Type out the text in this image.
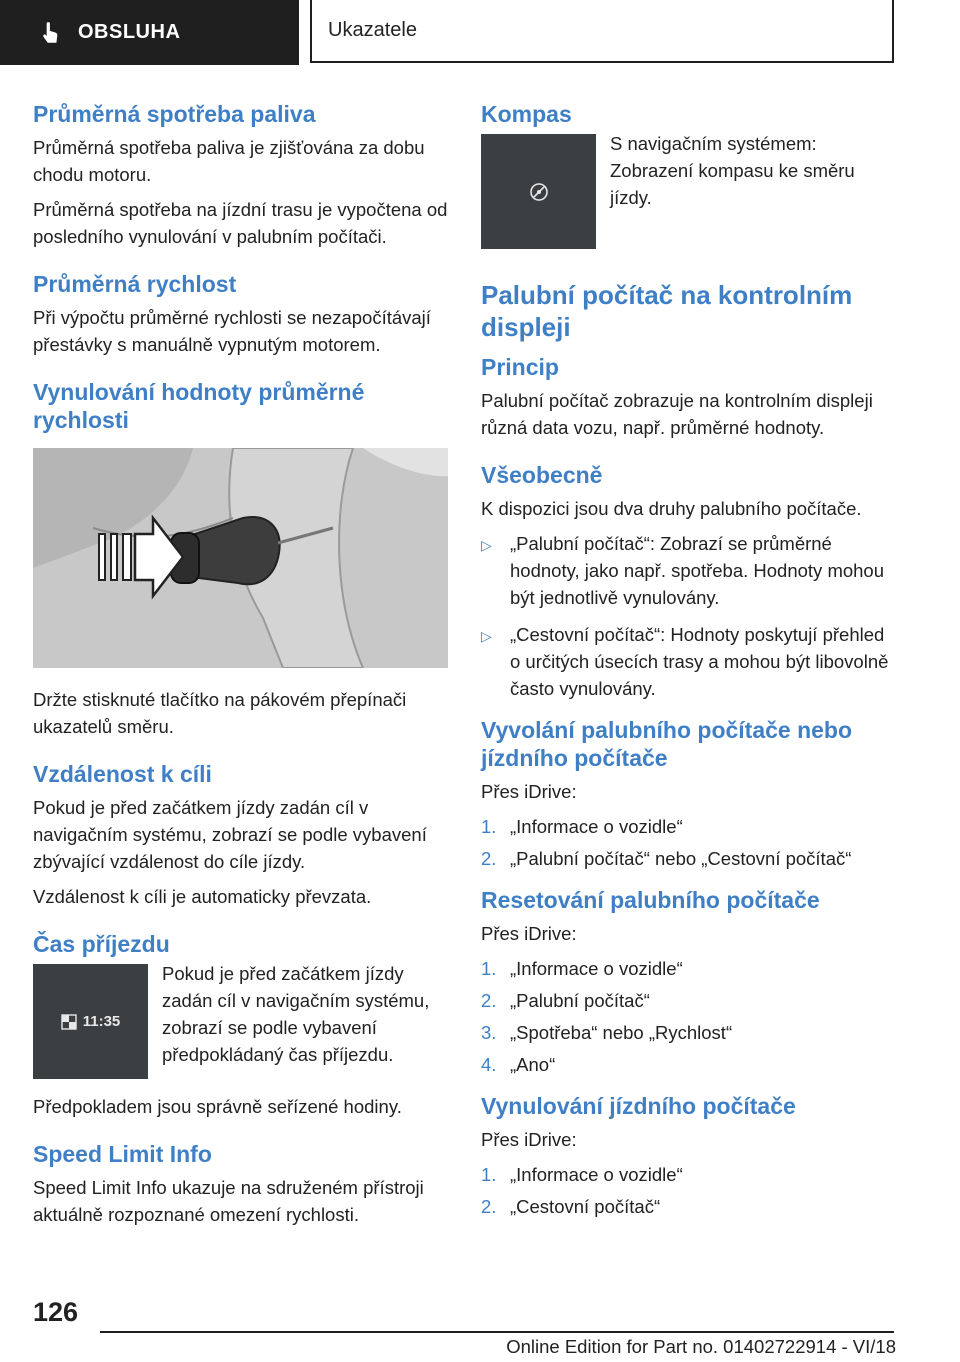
OBSLUHA	Ukazatele
Průměrná spotřeba paliva

Průměrná spotřeba paliva je zjišťována za dobu chodu motoru.

Průměrná spotřeba na jízdní trasu je vypočtena od posledního vynulování v palubním počítači.

Průměrná rychlost

Při výpočtu průměrné rychlosti se nezapočítávají přestávky s manuálně vypnutým motorem.

Vynulování hodnoty průměrné rychlosti

Držte stisknuté tlačítko na pákovém přepínači ukazatelů směru.

Vzdálenost k cíli

Pokud je před začátkem jízdy zadán cíl v navigačním systému, zobrazí se podle vybavení zbývající vzdálenost do cíle jízdy.

Vzdálenost k cíli je automaticky převzata.

Čas příjezdu
11:35

Pokud je před začátkem jízdy zadán cíl v navigačním systému, zobrazí se podle vybavení předpokládaný čas příjezdu.

Předpokladem jsou správně seřízené hodiny.

Speed Limit Info

Speed Limit Info ukazuje na sdruženém přístroji aktuálně rozpoznané omezení rychlosti.

Kompas

S navigačním systémem: Zobrazení kompasu ke směru jízdy.

Palubní počítač na kontrolním displeji
Princip

Palubní počítač zobrazuje na kontrolním displeji různá data vozu, např. průměrné hodnoty.

Všeobecně

K dispozici jsou dva druhy palubního počítače.

▷ „Palubní počítač“: Zobrazí se průměrné hodnoty, jako např. spotřeba. Hodnoty mohou být jednotlivě vynulovány.
▷ „Cestovní počítač“: Hodnoty poskytují přehled o určitých úsecích trasy a mohou být libovolně často vynulovány.
Vyvolání palubního počítače nebo jízdního počítače

Přes iDrive:

1. „Informace o vozidle“
2. „Palubní počítač“ nebo „Cestovní počítač“
Resetování palubního počítače

Přes iDrive:

1. „Informace o vozidle“
2. „Palubní počítač“
3. „Spotřeba“ nebo „Rychlost“
4. „Ano“
Vynulování jízdního počítače

Přes iDrive:

1. „Informace o vozidle“
2. „Cestovní počítač“
126
Online Edition for Part no. 01402722914 - VI/18
